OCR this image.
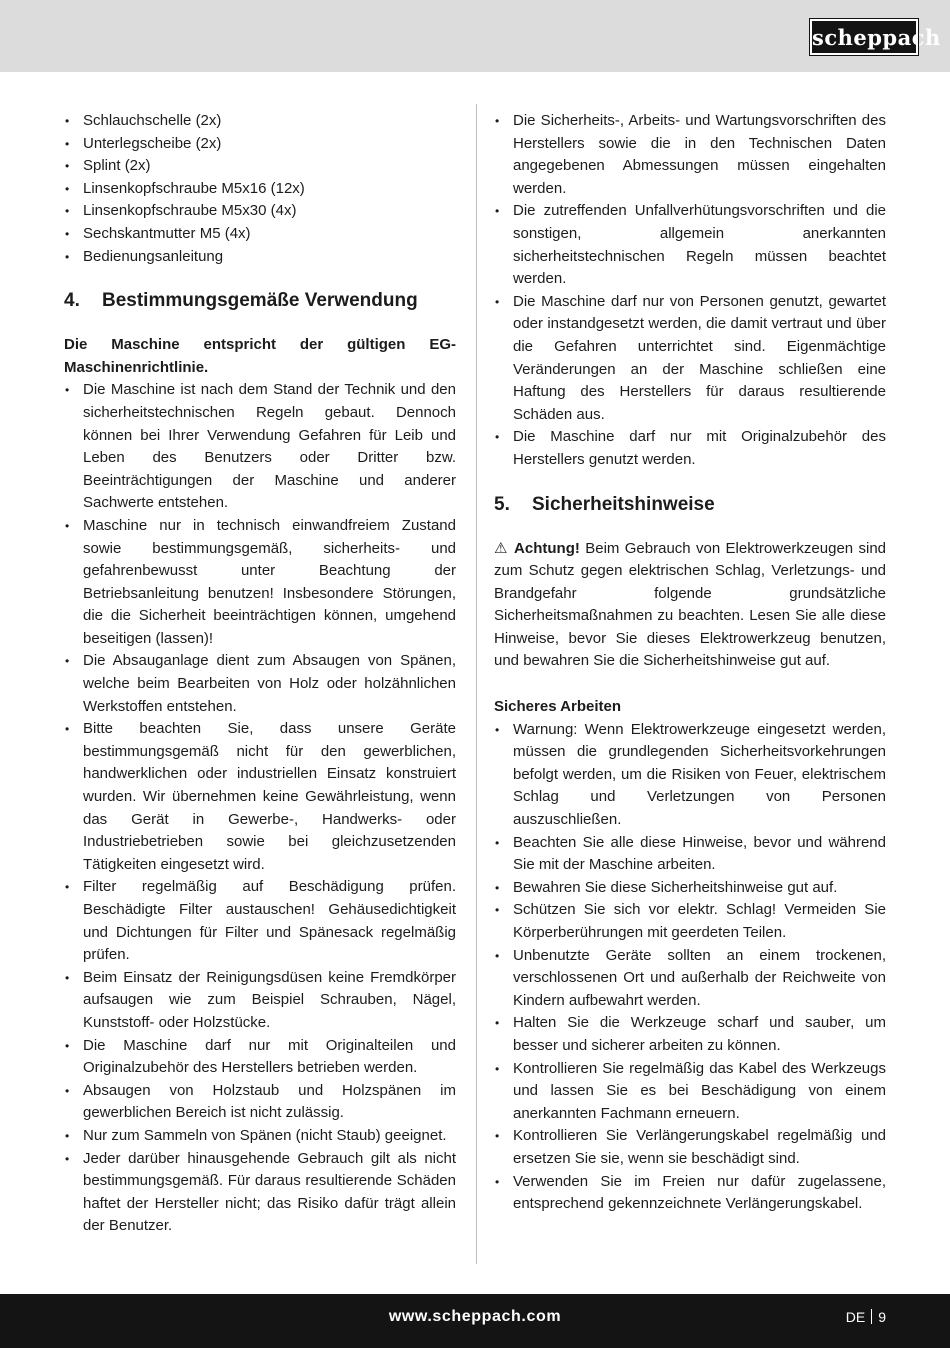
scheppach
• Schlauchschelle (2x)
• Unterlegscheibe (2x)
• Splint (2x)
• Linsenkopfschraube M5x16 (12x)
• Linsenkopfschraube M5x30 (4x)
• Sechskantmutter M5 (4x)
• Bedienungsanleitung
4. Bestimmungsgemäße Verwendung

Die Maschine entspricht der gültigen EG-Maschinenrichtlinie.

• Die Maschine ist nach dem Stand der Technik und den sicherheitstechnischen Regeln gebaut. Dennoch können bei Ihrer Verwendung Gefahren für Leib und Leben des Benutzers oder Dritter bzw. Beeinträchtigungen der Maschine und anderer Sachwerte entstehen.
• Maschine nur in technisch einwandfreiem Zustand sowie bestimmungsgemäß, sicherheits- und gefahrenbewusst unter Beachtung der Betriebsanleitung benutzen! Insbesondere Störungen, die die Sicherheit beeinträchtigen können, umgehend beseitigen (lassen)!
• Die Absauganlage dient zum Absaugen von Spänen, welche beim Bearbeiten von Holz oder holzähnlichen Werkstoffen entstehen.
• Bitte beachten Sie, dass unsere Geräte bestimmungsgemäß nicht für den gewerblichen, handwerklichen oder industriellen Einsatz konstruiert wurden. Wir übernehmen keine Gewährleistung, wenn das Gerät in Gewerbe-, Handwerks- oder Industriebetrieben sowie bei gleichzusetzenden Tätigkeiten eingesetzt wird.
• Filter regelmäßig auf Beschädigung prüfen. Beschädigte Filter austauschen! Gehäusedichtigkeit und Dichtungen für Filter und Spänesack regelmäßig prüfen.
• Beim Einsatz der Reinigungsdüsen keine Fremdkörper aufsaugen wie zum Beispiel Schrauben, Nägel, Kunststoff- oder Holzstücke.
• Die Maschine darf nur mit Originalteilen und Originalzubehör des Herstellers betrieben werden.
• Absaugen von Holzstaub und Holzspänen im gewerblichen Bereich ist nicht zulässig.
• Nur zum Sammeln von Spänen (nicht Staub) geeignet.
• Jeder darüber hinausgehende Gebrauch gilt als nicht bestimmungsgemäß. Für daraus resultierende Schäden haftet der Hersteller nicht; das Risiko dafür trägt allein der Benutzer.
• Die Sicherheits-, Arbeits- und Wartungsvorschriften des Herstellers sowie die in den Technischen Daten angegebenen Abmessungen müssen eingehalten werden.
• Die zutreffenden Unfallverhütungsvorschriften und die sonstigen, allgemein anerkannten sicherheitstechnischen Regeln müssen beachtet werden.
• Die Maschine darf nur von Personen genutzt, gewartet oder instandgesetzt werden, die damit vertraut und über die Gefahren unterrichtet sind. Eigenmächtige Veränderungen an der Maschine schließen eine Haftung des Herstellers für daraus resultierende Schäden aus.
• Die Maschine darf nur mit Originalzubehör des Herstellers genutzt werden.
5. Sicherheitshinweise

⚠ Achtung! Beim Gebrauch von Elektrowerkzeugen sind zum Schutz gegen elektrischen Schlag, Verletzungs- und Brandgefahr folgende grundsätzliche Sicherheitsmaßnahmen zu beachten. Lesen Sie alle diese Hinweise, bevor Sie dieses Elektrowerkzeug benutzen, und bewahren Sie die Sicherheitshinweise gut auf.

Sicheres Arbeiten

• Warnung: Wenn Elektrowerkzeuge eingesetzt werden, müssen die grundlegenden Sicherheitsvorkehrungen befolgt werden, um die Risiken von Feuer, elektrischem Schlag und Verletzungen von Personen auszuschließen.
• Beachten Sie alle diese Hinweise, bevor und während Sie mit der Maschine arbeiten.
• Bewahren Sie diese Sicherheitshinweise gut auf.
• Schützen Sie sich vor elektr. Schlag! Vermeiden Sie Körperberührungen mit geerdeten Teilen.
• Unbenutzte Geräte sollten an einem trockenen, verschlossenen Ort und außerhalb der Reichweite von Kindern aufbewahrt werden.
• Halten Sie die Werkzeuge scharf und sauber, um besser und sicherer arbeiten zu können.
• Kontrollieren Sie regelmäßig das Kabel des Werkzeugs und lassen Sie es bei Beschädigung von einem anerkannten Fachmann erneuern.
• Kontrollieren Sie Verlängerungskabel regelmäßig und ersetzen Sie sie, wenn sie beschädigt sind.
• Verwenden Sie im Freien nur dafür zugelassene, entsprechend gekennzeichnete Verlängerungskabel.
www.scheppach.com	DE 9
